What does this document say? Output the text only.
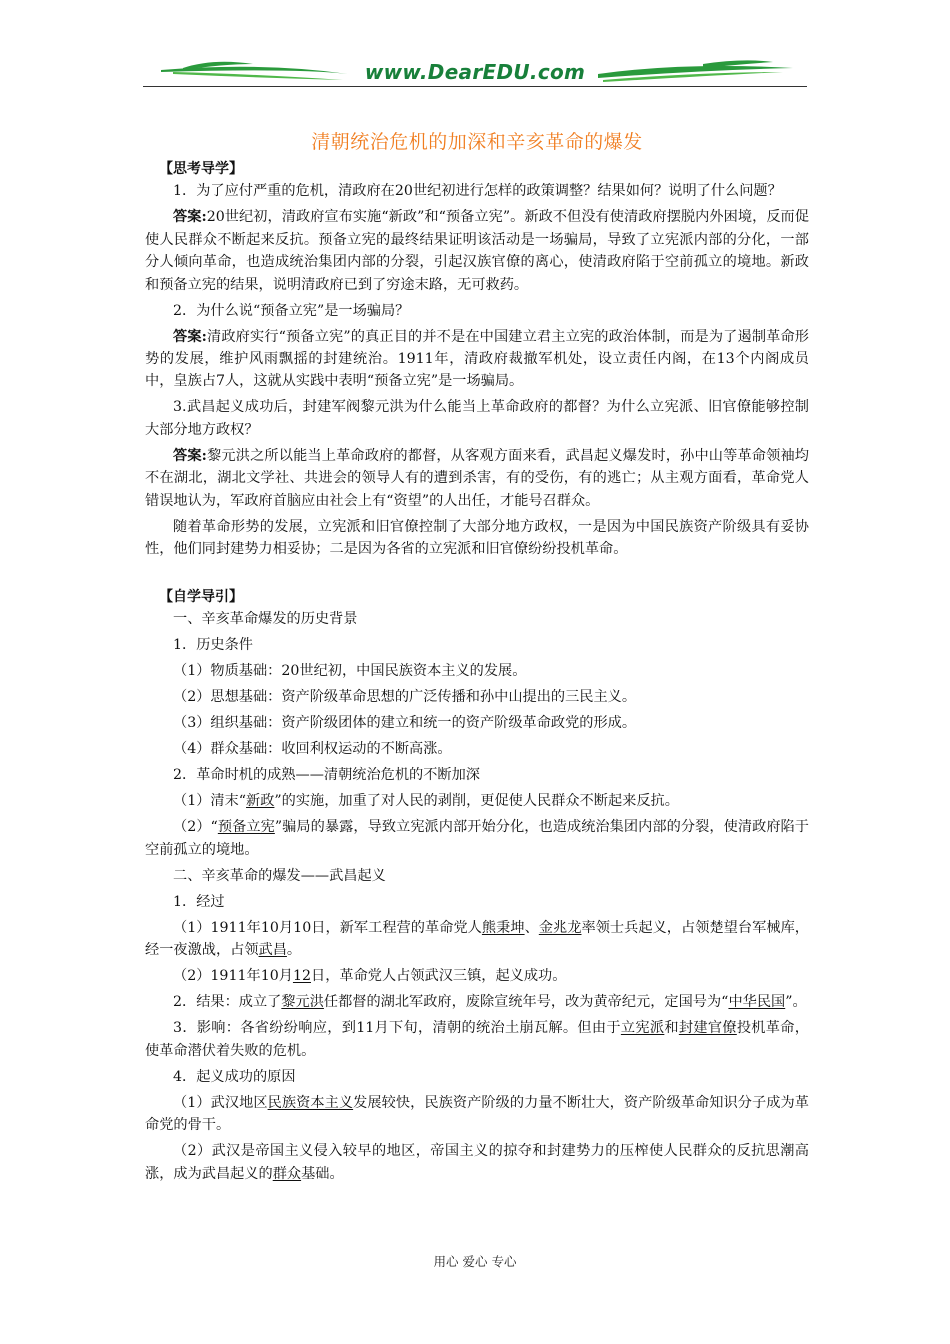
www.DearEDU.com
清朝统治危机的加深和辛亥革命的爆发
【思考导学】

1．为了应付严重的危机，清政府在20世纪初进行怎样的政策调整？结果如何？说明了什么问题？

答案:20世纪初，清政府宣布实施“新政”和“预备立宪”。新政不但没有使清政府摆脱内外困境，反而促使人民群众不断起来反抗。预备立宪的最终结果证明该活动是一场骗局，导致了立宪派内部的分化，一部分人倾向革命，也造成统治集团内部的分裂，引起汉族官僚的离心，使清政府陷于空前孤立的境地。新政和预备立宪的结果，说明清政府已到了穷途末路，无可救药。

2．为什么说“预备立宪”是一场骗局？

答案:清政府实行“预备立宪”的真正目的并不是在中国建立君主立宪的政治体制，而是为了遏制革命形势的发展，维护风雨飘摇的封建统治。1911年，清政府裁撤军机处，设立责任内阁，在13个内阁成员中，皇族占7人，这就从实践中表明“预备立宪”是一场骗局。

3.武昌起义成功后，封建军阀黎元洪为什么能当上革命政府的都督？为什么立宪派、旧官僚能够控制大部分地方政权？

答案:黎元洪之所以能当上革命政府的都督，从客观方面来看，武昌起义爆发时，孙中山等革命领袖均不在湖北，湖北文学社、共进会的领导人有的遭到杀害，有的受伤，有的逃亡；从主观方面看，革命党人错误地认为，军政府首脑应由社会上有“资望”的人出任，才能号召群众。

随着革命形势的发展，立宪派和旧官僚控制了大部分地方政权，一是因为中国民族资产阶级具有妥协性，他们同封建势力相妥协；二是因为各省的立宪派和旧官僚纷纷投机革命。

【自学导引】

一、辛亥革命爆发的历史背景

1．历史条件

（1）物质基础：20世纪初，中国民族资本主义的发展。

（2）思想基础：资产阶级革命思想的广泛传播和孙中山提出的三民主义。

（3）组织基础：资产阶级团体的建立和统一的资产阶级革命政党的形成。

（4）群众基础：收回利权运动的不断高涨。

2．革命时机的成熟——清朝统治危机的不断加深

（1）清末“新政”的实施，加重了对人民的剥削，更促使人民群众不断起来反抗。

（2）“预备立宪”骗局的暴露，导致立宪派内部开始分化，也造成统治集团内部的分裂，使清政府陷于空前孤立的境地。

二、辛亥革命的爆发——武昌起义

1．经过

（1）1911年10月10日，新军工程营的革命党人熊秉坤、金兆龙率领士兵起义，占领楚望台军械库，经一夜激战，占领武昌。

（2）1911年10月12日，革命党人占领武汉三镇，起义成功。

2．结果：成立了黎元洪任都督的湖北军政府，废除宣统年号，改为黄帝纪元，定国号为“中华民国”。

3．影响：各省纷纷响应，到11月下旬，清朝的统治土崩瓦解。但由于立宪派和封建官僚投机革命，使革命潜伏着失败的危机。

4．起义成功的原因

（1）武汉地区民族资本主义发展较快，民族资产阶级的力量不断壮大，资产阶级革命知识分子成为革命党的骨干。

（2）武汉是帝国主义侵入较早的地区，帝国主义的掠夺和封建势力的压榨使人民群众的反抗思潮高涨，成为武昌起义的群众基础。

用心 爱心 专心
